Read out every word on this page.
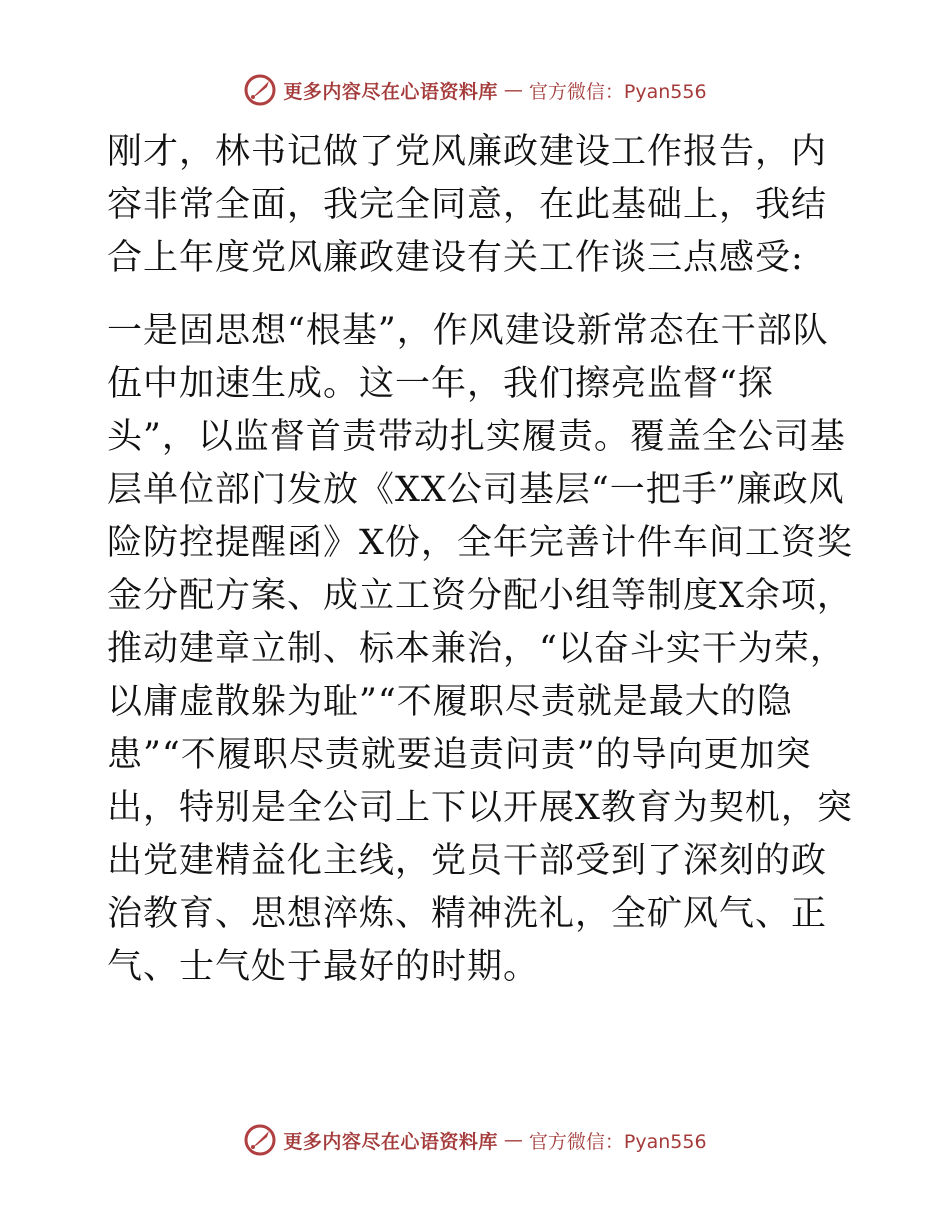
更多内容尽在心语资料库 — 官方微信：Pyan556

刚才，林书记做了党风廉政建设工作报告，内容非常全面，我完全同意，在此基础上，我结合上年度党风廉政建设有关工作谈三点感受:

一是固思想“根基”，作风建设新常态在干部队伍中加速生成。这一年，我们擦亮监督“探头”，以监督首责带动扎实履责。覆盖全公司基层单位部门发放《XX公司基层“一把手”廉政风险防控提醒函》X份，全年完善计件车间工资奖金分配方案、成立工资分配小组等制度X余项，推动建章立制、标本兼治，“以奋斗实干为荣，以庸虚散躲为耻”“不履职尽责就是最大的隐患”“不履职尽责就要追责问责”的导向更加突出，特别是全公司上下以开展X教育为契机，突出党建精益化主线，党员干部受到了深刻的政治教育、思想淬炼、精神洗礼，全矿风气、正气、士气处于最好的时期。

更多内容尽在心语资料库 — 官方微信：Pyan556
